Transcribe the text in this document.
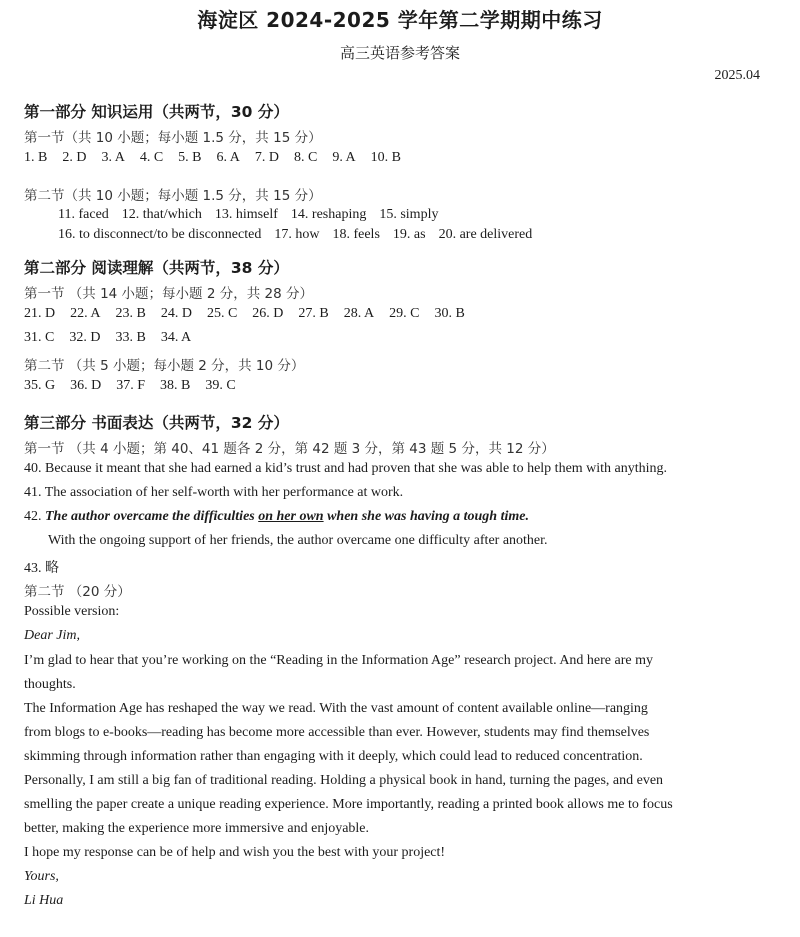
海淀区 2024-2025 学年第二学期期中练习
高三英语参考答案
2025.04
第一部分 知识运用（共两节，30 分）
第一节（共 10 小题；每小题 1.5 分，共 15 分）
1. B 2. D 3. A 4. C 5. B 6. A 7. D 8. C 9. A 10. B
第二节（共 10 小题；每小题 1.5 分，共 15 分）
11. faced 12. that/which 13. himself 14. reshaping 15. simply
16. to disconnect/to be disconnected 17. how 18. feels 19. as 20. are delivered
第二部分 阅读理解（共两节，38 分）
第一节 （共 14 小题；每小题 2 分，共 28 分）
21. D 22. A 23. B 24. D 25. C 26. D 27. B 28. A 29. C 30. B
31. C 32. D 33. B 34. A
第二节 （共 5 小题；每小题 2 分，共 10 分）
35. G 36. D 37. F 38. B 39. C
第三部分 书面表达（共两节，32 分）
第一节 （共 4 小题；第 40、41 题各 2 分，第 42 题 3 分，第 43 题 5 分，共 12 分）
40. Because it meant that she had earned a kid’s trust and had proven that she was able to help them with anything.
41. The association of her self-worth with her performance at work.
42. The author overcame the difficulties on her own when she was having a tough time.
With the ongoing support of her friends, the author overcame one difficulty after another.
43. 略
第二节 （20 分）
Possible version:
Dear Jim,
I’m glad to hear that you’re working on the “Reading in the Information Age” research project. And here are my
thoughts.
The Information Age has reshaped the way we read. With the vast amount of content available online—ranging
from blogs to e-books—reading has become more accessible than ever. However, students may find themselves
skimming through information rather than engaging with it deeply, which could lead to reduced concentration.
Personally, I am still a big fan of traditional reading. Holding a physical book in hand, turning the pages, and even
smelling the paper create a unique reading experience. More importantly, reading a printed book allows me to focus
better, making the experience more immersive and enjoyable.
I hope my response can be of help and wish you the best with your project!
Yours,
Li Hua
